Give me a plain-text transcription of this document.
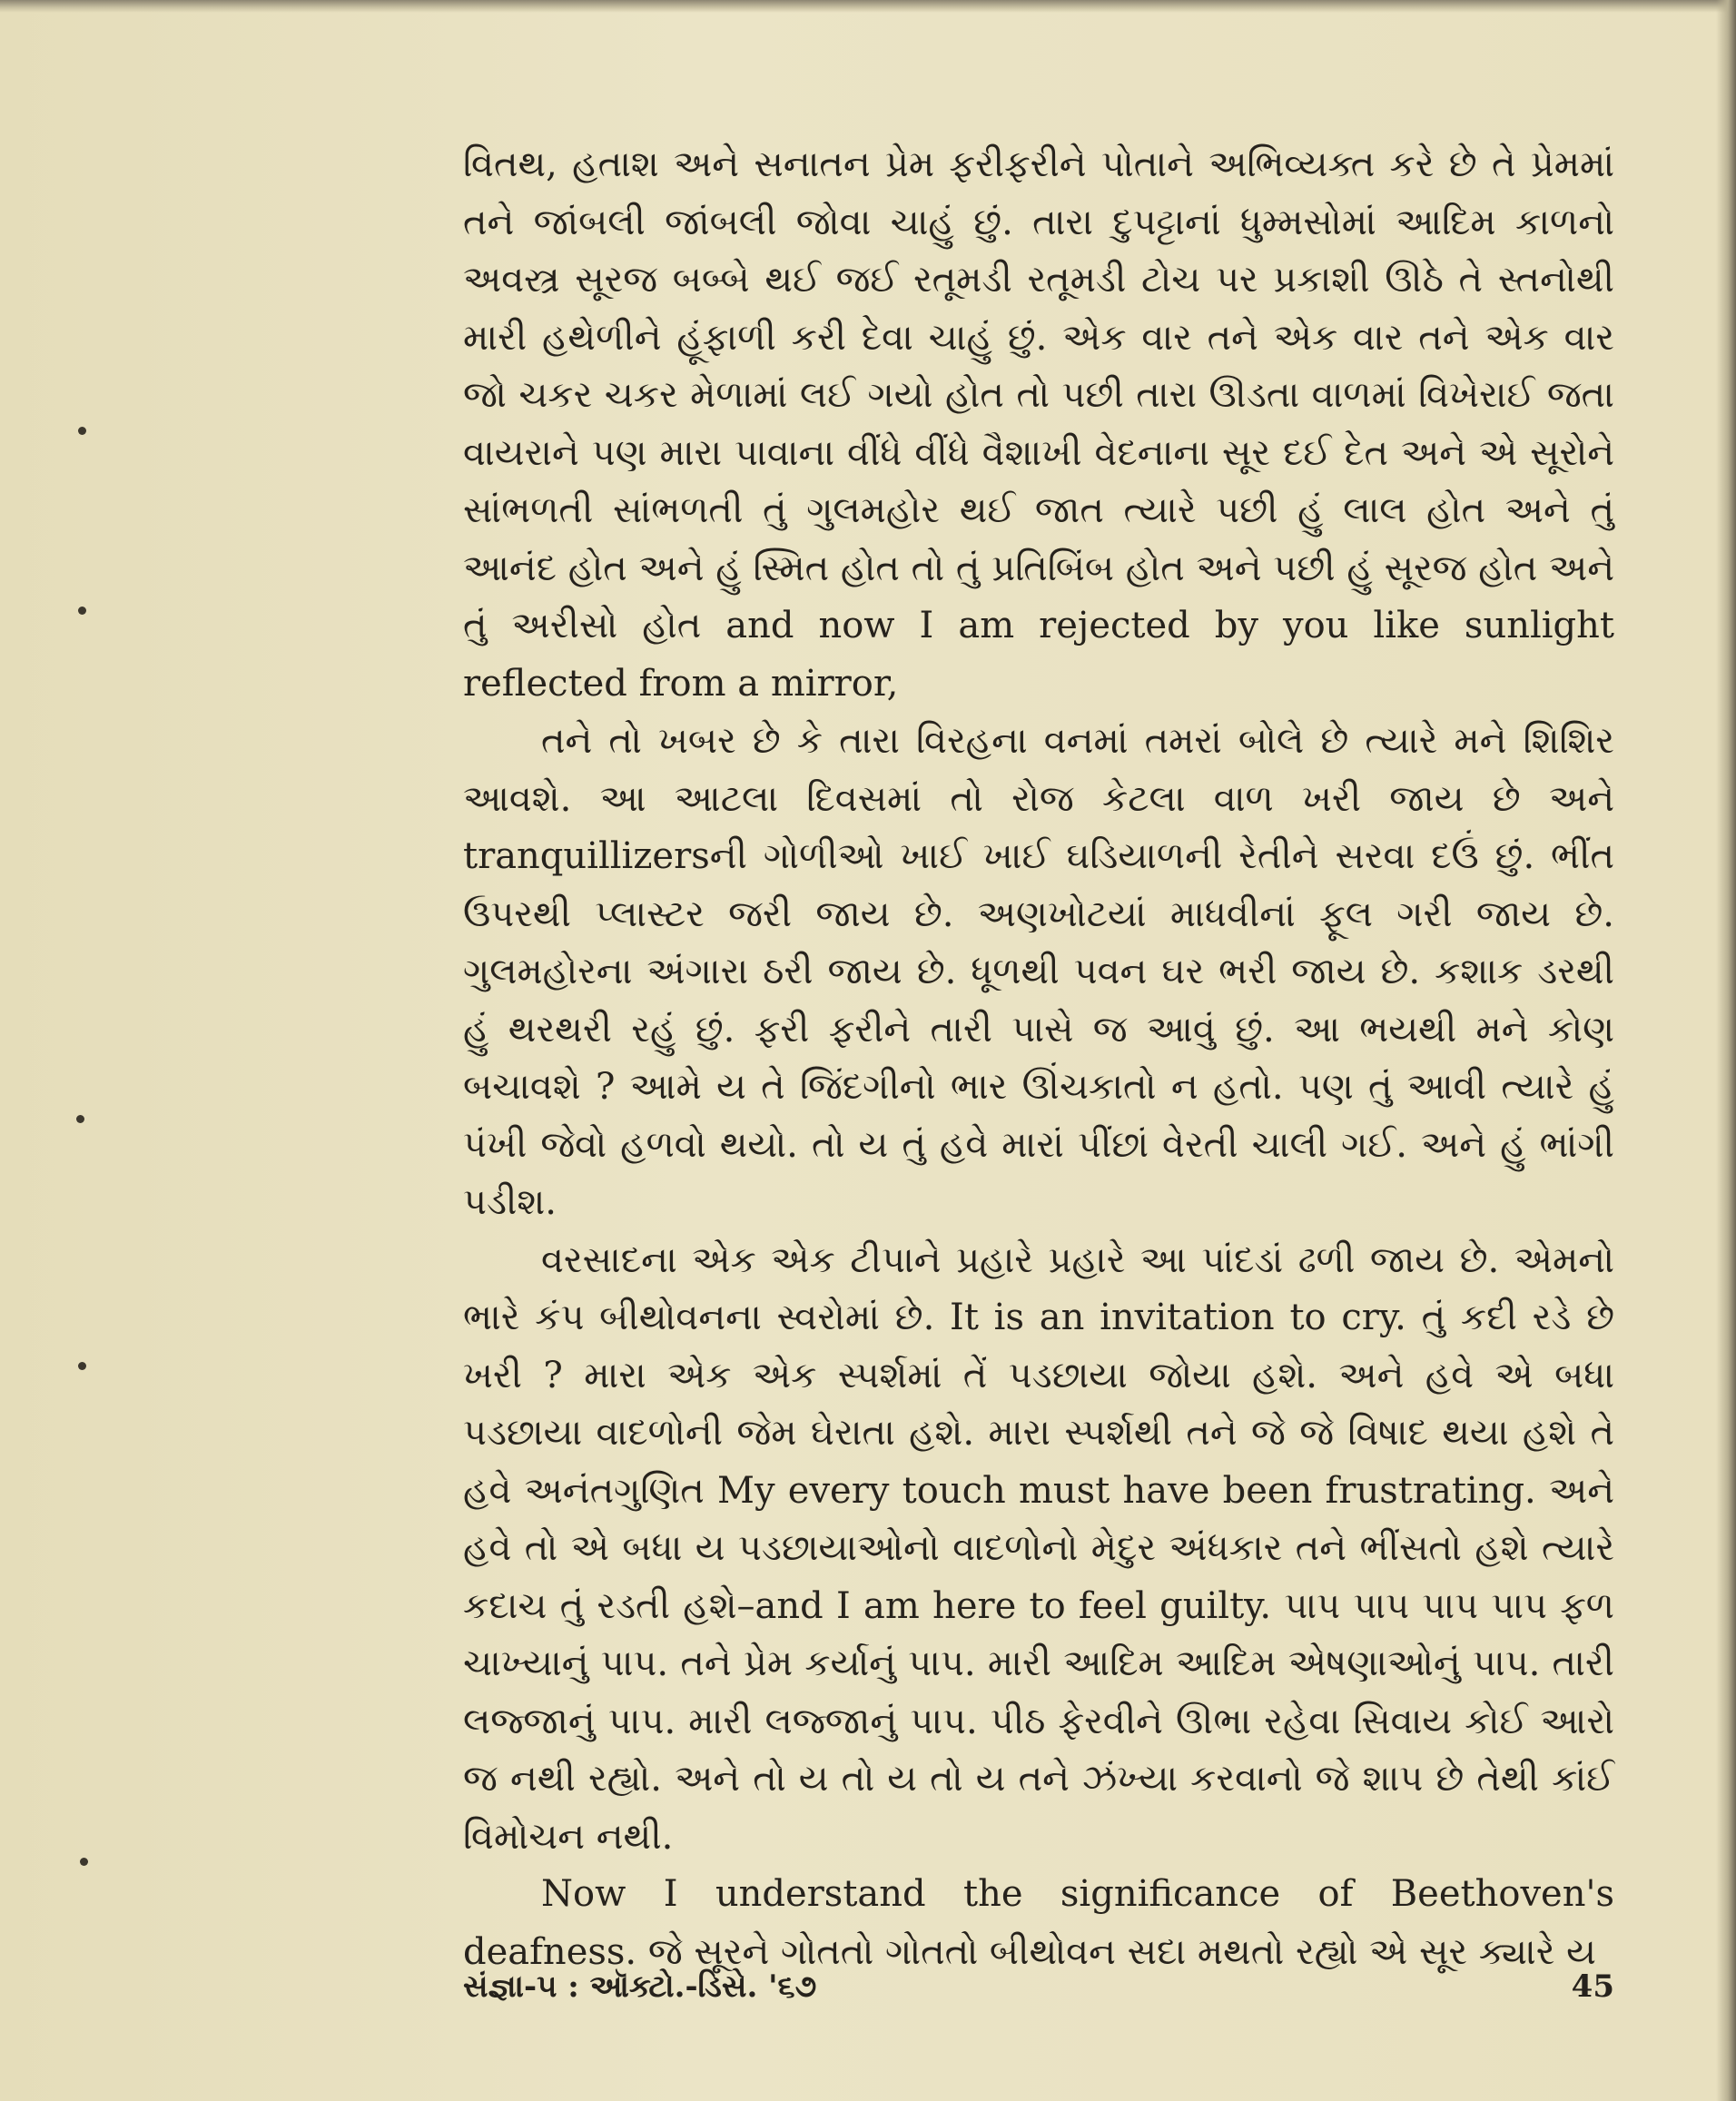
વિતથ, હતાશ અને સનાતન પ્રેમ ફરીફરીને પોતાને અભિવ્યક્ત કરે છે તે પ્રેમમાં તને જાંબલી જાંબલી જોવા ચાહું છું. તારા દુપટ્ટાનાં ધુમ્મસોમાં આદિમ કાળનો અવસ્ત્ર સૂરજ બબ્બે થઈ જઈ રતૂમડી રતૂમડી ટોચ પર પ્રકાશી ઊઠે તે સ્તનોથી મારી હથેળીને હૂંફાળી કરી દેવા ચાહું છું. એક વાર તને એક વાર તને એક વાર જો ચકર ચકર મેળામાં લઈ ગયો હોત તો પછી તારા ઊડતા વાળમાં વિખેરાઈ જતા વાયરાને પણ મારા પાવાના વીંધે વીંધે વૈશાખી વેદનાના સૂર દઈ દેત અને એ સૂરોને સાંભળતી સાંભળતી તું ગુલમહોર થઈ જાત ત્યારે પછી હું લાલ હોત અને તું આનંદ હોત અને હું સ્મિત હોત તો તું પ્રતિબિંબ હોત અને પછી હું સૂરજ હોત અને તું અરીસો હોત and now I am rejected by you like sunlight reflected from a mirror,

તને તો ખબર છે કે તારા વિરહના વનમાં તમરાં બોલે છે ત્યારે મને શિશિર આવશે. આ આટલા દિવસમાં તો રોજ કેટલા વાળ ખરી જાય છે અને tranquillizersની ગોળીઓ ખાઈ ખાઈ ઘડિયાળની રેતીને સરવા દઉં છું. ભીંત ઉપરથી પ્લાસ્ટર જરી જાય છે. અણખોટયાં માધવીનાં ફૂલ ગરી જાય છે. ગુલમહોરના અંગારા ઠરી જાય છે. ધૂળથી પવન ઘર ભરી જાય છે. કશાક ડરથી હું થરથરી રહું છું. ફરી ફરીને તારી પાસે જ આવું છું. આ ભયથી મને કોણ બચાવશે ? આમે ય તે જિંદગીનો ભાર ઊંચકાતો ન હતો. પણ તું આવી ત્યારે હું પંખી જેવો હળવો થયો. તો ય તું હવે મારાં પીંછાં વેરતી ચાલી ગઈ. અને હું ભાંગી પડીશ.

વરસાદના એક એક ટીપાને પ્રહારે પ્રહારે આ પાંદડાં ઢળી જાય છે. એમનો ભારે કંપ બીથોવનના સ્વરોમાં છે. It is an invitation to cry. તું કદી રડે છે ખરી ? મારા એક એક સ્પર્શમાં તેં પડછાયા જોયા હશે. અને હવે એ બધા પડછાયા વાદળોની જેમ ઘેરાતા હશે. મારા સ્પર્શથી તને જે જે વિષાદ થયા હશે તે હવે અનંતગુણિત My every touch must have been frustrating. અને હવે તો એ બધા ય પડછાયાઓનો વાદળોનો મેદુર અંધકાર તને ભીંસતો હશે ત્યારે કદાચ તું રડતી હશે–and I am here to feel guilty. પાપ પાપ પાપ પાપ ફળ ચાખ્યાનું પાપ. તને પ્રેમ કર્યાનું પાપ. મારી આદિમ આદિમ એષણાઓનું પાપ. તારી લજ્જાનું પાપ. મારી લજ્જાનું પાપ. પીઠ ફેરવીને ઊભા રહેવા સિવાય કોઈ આરો જ નથી રહ્યો. અને તો ય તો ય તો ય તને ઝંખ્યા કરવાનો જે શાપ છે તેથી કાંઈ વિમોચન નથી.

Now I understand the significance of Beethoven's deafness. જે સૂરને ગોતતો ગોતતો બીથોવન સદા મથતો રહ્યો એ સૂર ક્યારે ય

સંજ્ઞા-૫ : ઑક્ટો.-ડિસે. '૬૭	45
